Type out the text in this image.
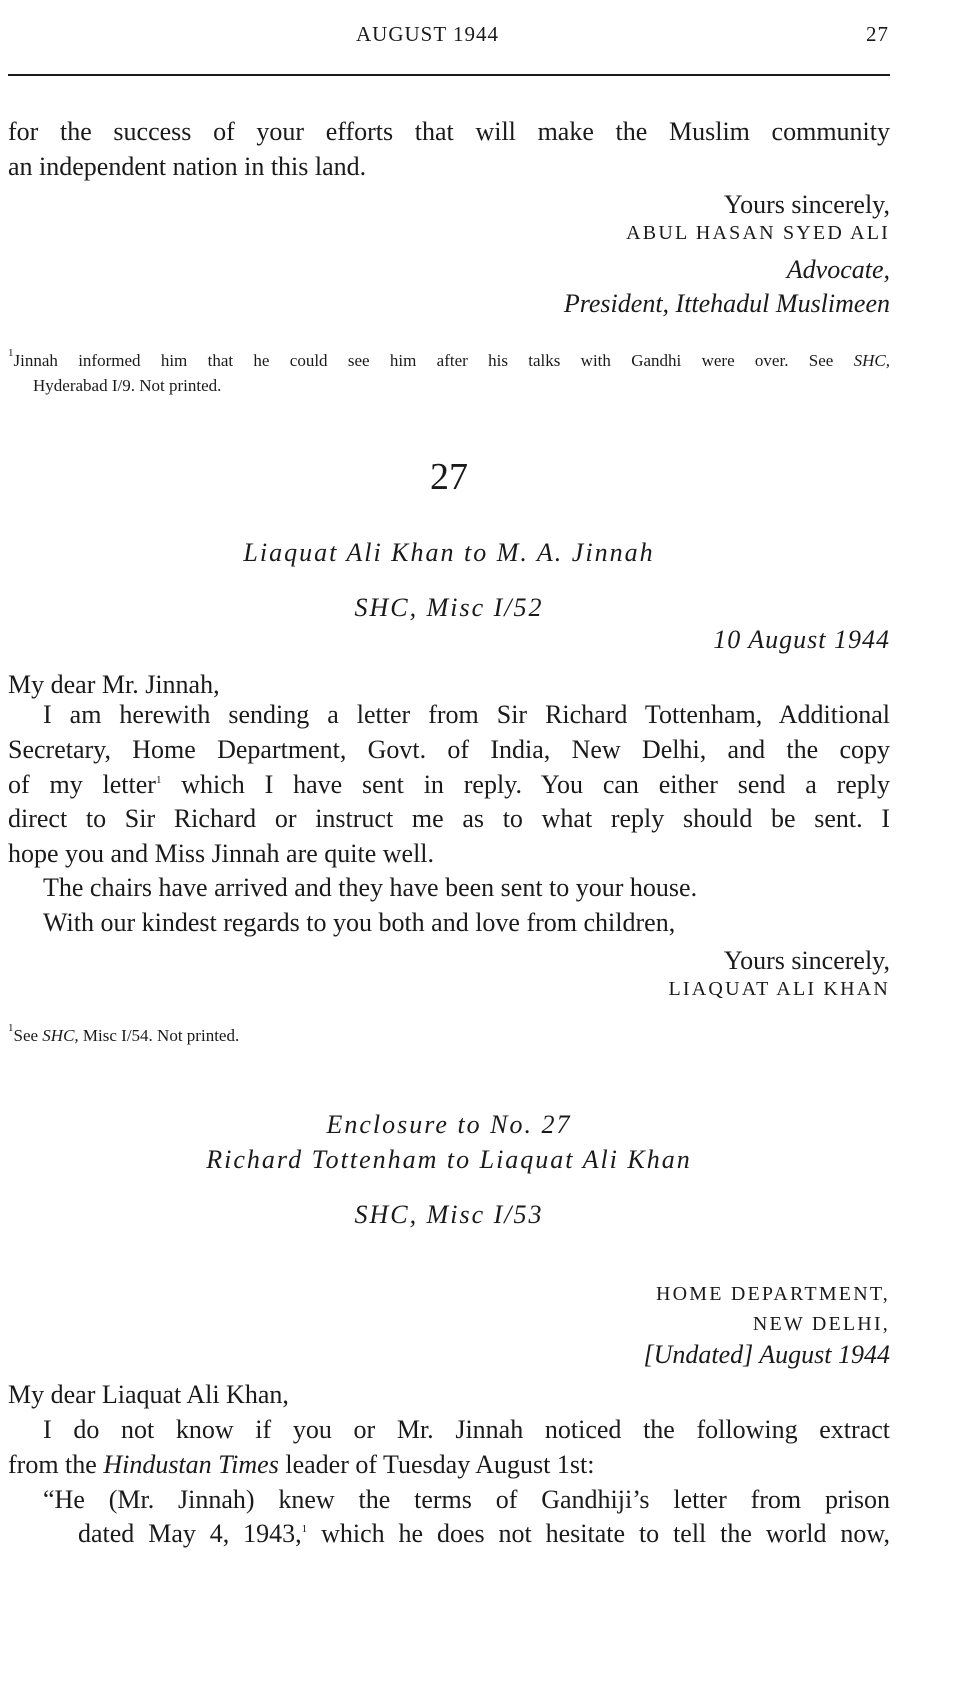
AUGUST 1944	27
for the success of your efforts that will make the Muslim community
an independent nation in this land.
Yours sincerely,
ABUL HASAN SYED ALI
Advocate,
President, Ittehadul Muslimeen
$^1$Jinnah informed him that he could see him after his talks with Gandhi were over. See SHC,
Hyderabad I/9. Not printed.
27
Liaquat Ali Khan to M. A. Jinnah
SHC, Misc I/52
10 August 1944
My dear Mr. Jinnah,
I am herewith sending a letter from Sir Richard Tottenham, Additional
Secretary, Home Department, Govt. of India, New Delhi, and the copy
of my letter$^1$ which I have sent in reply. You can either send a reply
direct to Sir Richard or instruct me as to what reply should be sent. I
hope you and Miss Jinnah are quite well.
The chairs have arrived and they have been sent to your house.
With our kindest regards to you both and love from children,
Yours sincerely,
LIAQUAT ALI KHAN
$^1$See SHC, Misc I/54. Not printed.
Enclosure to No. 27
Richard Tottenham to Liaquat Ali Khan
SHC, Misc I/53
HOME DEPARTMENT,
NEW DELHI,
[Undated] August 1944
My dear Liaquat Ali Khan,
I do not know if you or Mr. Jinnah noticed the following extract
from the Hindustan Times leader of Tuesday August 1st:
“He (Mr. Jinnah) knew the terms of Gandhiji’s letter from prison
dated May 4, 1943,$^1$ which he does not hesitate to tell the world now,
